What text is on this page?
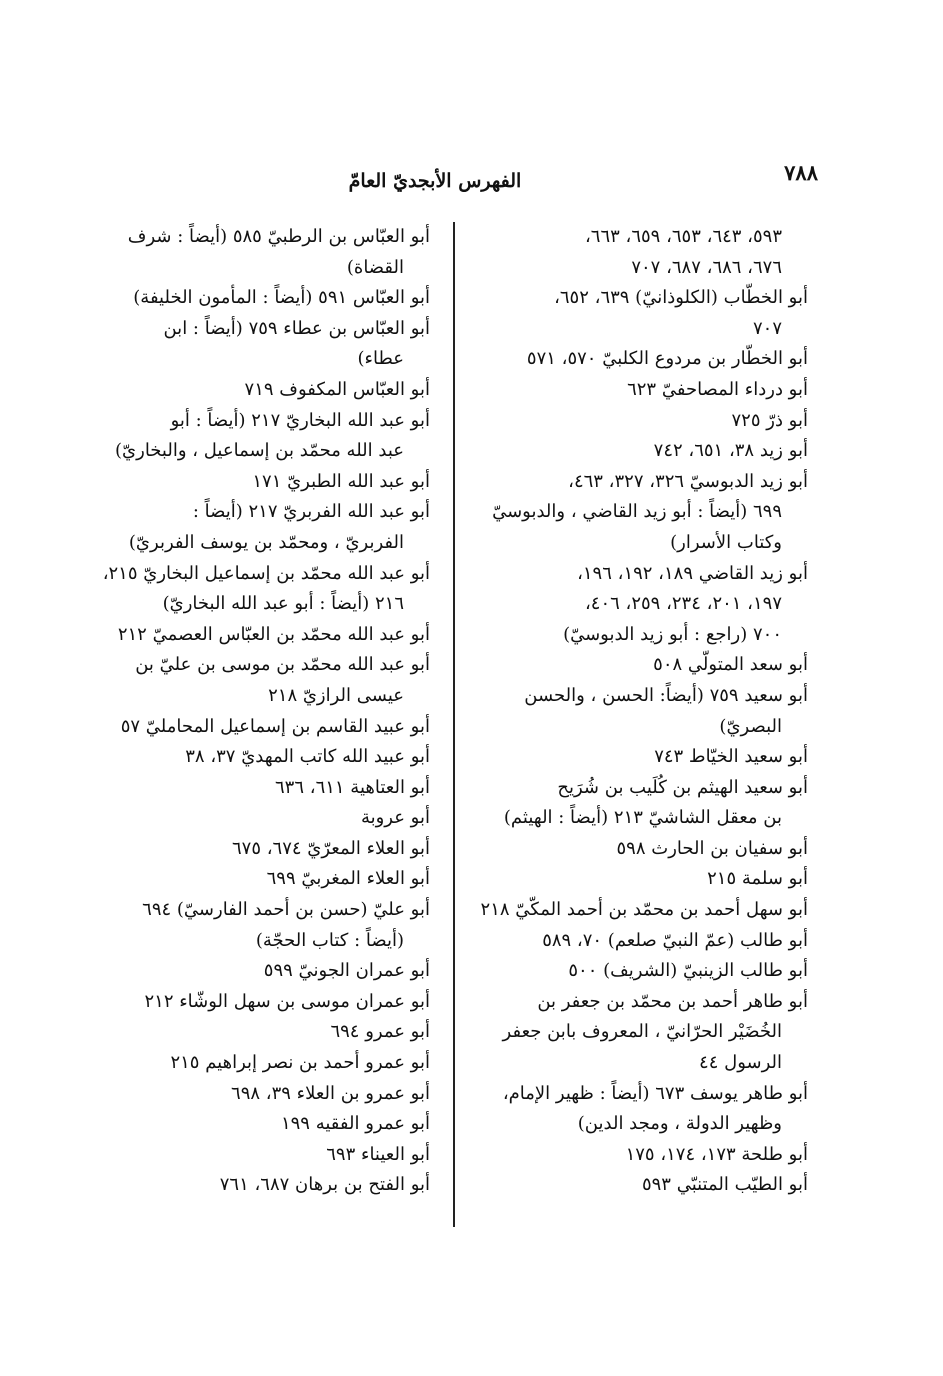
٧٨٨
الفهرس الأبجديّ العامّ
٥٩٣، ٦٤٣، ٦٥٣، ٦٥٩، ٦٦٣،
٦٧٦، ٦٨٦، ٦٨٧، ٧٠٧
أبو الخطّاب (الكلوذانيّ) ٦٣٩، ٦٥٢،
٧٠٧
أبو الخطّار بن مردوع الكلبيّ ٥٧٠، ٥٧١
أبو درداء المصاحفيّ ٦٢٣
أبو ذرّ ٧٢٥
أبو زيد ٣٨، ٦٥١، ٧٤٢
أبو زيد الدبوسيّ ٣٢٦، ٣٢٧، ٤٦٣،
٦٩٩ (أيضاً : أبو زيد القاضي ، والدبوسيّ
وكتاب الأسرار)
أبو زيد القاضي ١٨٩، ١٩٢، ١٩٦،
١٩٧، ٢٠١، ٢٣٤، ٢٥٩، ٤٠٦،
٧٠٠ (راجع : أبو زيد الدبوسيّ)
أبو سعد المتولّي ٥٠٨
أبو سعيد ٧٥٩ (أيضاً: الحسن ، والحسن
البصريّ)
أبو سعيد الخيّاط ٧٤٣
أبو سعيد الهيثم بن كُلَيب بن شُرَيح
بن معقل الشاشيّ ٢١٣ (أيضاً : الهيثم)
أبو سفيان بن الحارث ٥٩٨
أبو سلمة ٢١٥
أبو سهل أحمد بن محمّد بن أحمد المكّيّ ٢١٨
أبو طالب (عمّ النبيّ صلعم) ٧٠، ٥٨٩
أبو طالب الزينبيّ (الشريف) ٥٠٠
أبو طاهر أحمد بن محمّد بن جعفر بن
الخُضَيْر الحرّانيّ ، المعروف بابن جعفر
الرسول ٤٤
أبو طاهر يوسف ٦٧٣ (أيضاً : ظهير الإمام،
وظهير الدولة ، ومجد الدين)
أبو طلحة ١٧٣، ١٧٤، ١٧٥
أبو الطيّب المتنبّي ٥٩٣
أبو العبّاس بن الرطبيّ ٥٨٥ (أيضاً : شرف
القضاة)
أبو العبّاس ٥٩١ (أيضاً : المأمون الخليفة)
أبو العبّاس بن عطاء ٧٥٩ (أيضاً : ابن
عطاء)
أبو العبّاس المكفوف ٧١٩
أبو عبد الله البخاريّ ٢١٧ (أيضاً : أبو
عبد الله محمّد بن إسماعيل ، والبخاريّ)
أبو عبد الله الطبريّ ١٧١
أبو عبد الله الفربريّ ٢١٧ (أيضاً :
الفربريّ ، ومحمّد بن يوسف الفربريّ)
أبو عبد الله محمّد بن إسماعيل البخاريّ ٢١٥،
٢١٦ (أيضاً : أبو عبد الله البخاريّ)
أبو عبد الله محمّد بن العبّاس العصميّ ٢١٢
أبو عبد الله محمّد بن موسى بن عليّ بن
عيسى الرازيّ ٢١٨
أبو عبيد القاسم بن إسماعيل المحامليّ ٥٧
أبو عبيد الله كاتب المهديّ ٣٧، ٣٨
أبو العتاهية ٦١١، ٦٣٦
أبو عروبة
أبو العلاء المعرّيّ ٦٧٤، ٦٧٥
أبو العلاء المغربيّ ٦٩٩
أبو عليّ (حسن بن أحمد الفارسيّ) ٦٩٤
(أيضاً : كتاب الحجّة)
أبو عمران الجونيّ ٥٩٩
أبو عمران موسى بن سهل الوشّاء ٢١٢
أبو عمرو ٦٩٤
أبو عمرو أحمد بن نصر إبراهيم ٢١٥
أبو عمرو بن العلاء ٣٩، ٦٩٨
أبو عمرو الفقيه ١٩٩
أبو العيناء ٦٩٣
أبو الفتح بن برهان ٦٨٧، ٧٦١
